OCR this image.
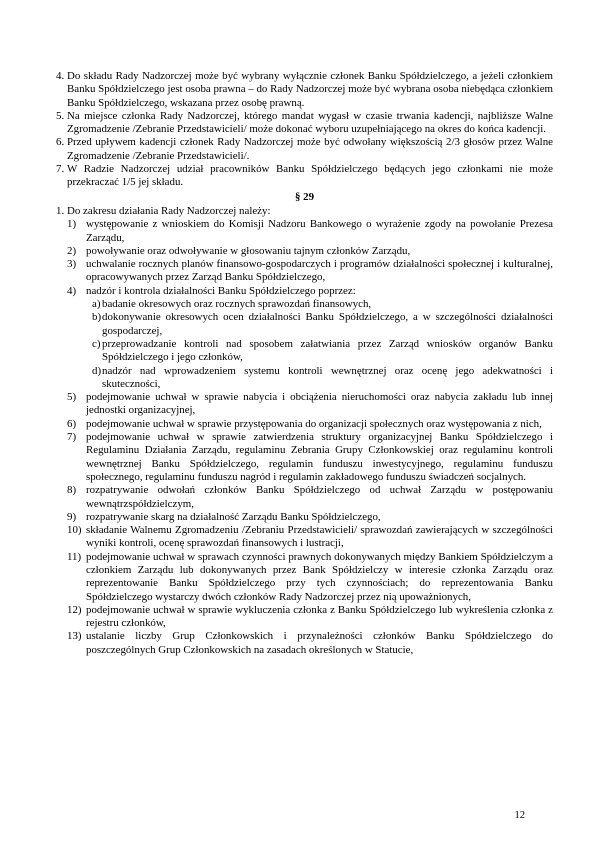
4. Do składu Rady Nadzorczej może być wybrany wyłącznie członek Banku Spółdzielczego, a jeżeli członkiem Banku Spółdzielczego jest osoba prawna – do Rady Nadzorczej może być wybrana osoba niebędąca członkiem Banku Spółdzielczego, wskazana przez osobę prawną.
5. Na miejsce członka Rady Nadzorczej, którego mandat wygasł w czasie trwania kadencji, najbliższe Walne Zgromadzenie /Zebranie Przedstawicieli/ może dokonać wyboru uzupełniającego na okres do końca kadencji.
6. Przed upływem kadencji członek Rady Nadzorczej może być odwołany większością 2/3 głosów przez Walne Zgromadzenie /Zebranie Przedstawicieli/.
7. W Radzie Nadzorczej udział pracowników Banku Spółdzielczego będących jego członkami nie może przekraczać 1/5 jej składu.
§ 29
1. Do zakresu działania Rady Nadzorczej należy:
1) występowanie z wnioskiem do Komisji Nadzoru Bankowego o wyrażenie zgody na powołanie Prezesa Zarządu,
2) powoływanie oraz odwoływanie w głosowaniu tajnym członków Zarządu,
3) uchwalanie rocznych planów finansowo-gospodarczych i programów działalności społecznej i kulturalnej, opracowywanych przez Zarząd Banku Spółdzielczego,
4) nadzór i kontrola działalności Banku Spółdzielczego poprzez:
a) badanie okresowych oraz rocznych sprawozdań finansowych,
b) dokonywanie okresowych ocen działalności Banku Spółdzielczego, a w szczególności działalności gospodarczej,
c) przeprowadzanie kontroli nad sposobem załatwiania przez Zarząd wniosków organów Banku Spółdzielczego i jego członków,
d) nadzór nad wprowadzeniem systemu kontroli wewnętrznej oraz ocenę jego adekwatności i skuteczności,
5) podejmowanie uchwał w sprawie nabycia i obciążenia nieruchomości oraz nabycia zakładu lub innej jednostki organizacyjnej,
6) podejmowanie uchwał w sprawie przystępowania do organizacji społecznych oraz występowania z nich,
7) podejmowanie uchwał w sprawie zatwierdzenia struktury organizacyjnej Banku Spółdzielczego i Regulaminu Działania Zarządu, regulaminu Zebrania Grupy Członkowskiej oraz regulaminu kontroli wewnętrznej Banku Spółdzielczego, regulamin funduszu inwestycyjnego, regulaminu funduszu społecznego, regulaminu funduszu nagród i regulamin zakładowego funduszu świadczeń socjalnych.
8) rozpatrywanie odwołań członków Banku Spółdzielczego od uchwał Zarządu w postępowaniu wewnątrzspółdzielczym,
9) rozpatrywanie skarg na działalność Zarządu Banku Spółdzielczego,
10) składanie Walnemu Zgromadzeniu /Zebraniu Przedstawicieli/ sprawozdań zawierających w szczególności wyniki kontroli, ocenę sprawozdań finansowych i lustracji,
11) podejmowanie uchwał w sprawach czynności prawnych dokonywanych między Bankiem Spółdzielczym a członkiem Zarządu lub dokonywanych przez Bank Spółdzielczy w interesie członka Zarządu oraz reprezentowanie Banku Spółdzielczego przy tych czynnościach; do reprezentowania Banku Spółdzielczego wystarczy dwóch członków Rady Nadzorczej przez nią upoważnionych,
12) podejmowanie uchwał w sprawie wykluczenia członka z Banku Spółdzielczego lub wykreślenia członka z rejestru członków,
13) ustalanie liczby Grup Członkowskich i przynależności członków Banku Spółdzielczego do poszczególnych Grup Członkowskich na zasadach określonych w Statucie,
12
